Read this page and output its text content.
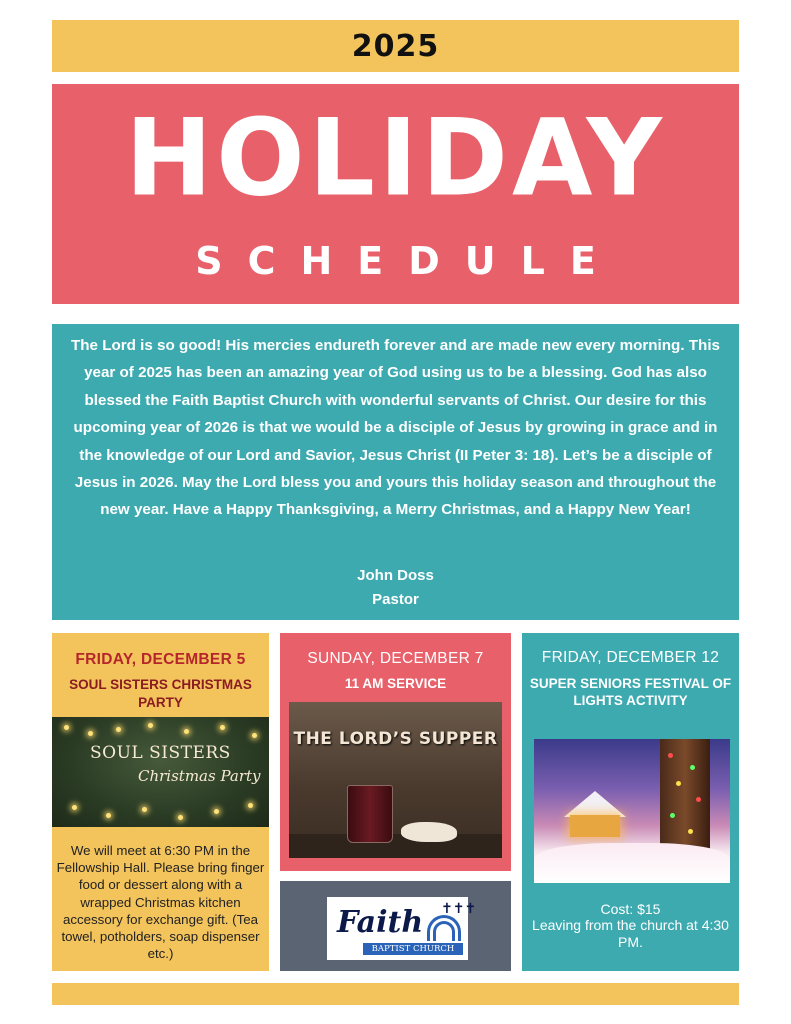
2025
HOLIDAY
SCHEDULE
The Lord is so good! His mercies endureth forever and are made new every morning. This year of 2025 has been an amazing year of God using us to be a blessing. God has also blessed the Faith Baptist Church with wonderful servants of Christ. Our desire for this upcoming year of 2026 is that we would be a disciple of Jesus by growing in grace and in the knowledge of our Lord and Savior, Jesus Christ (II Peter 3: 18). Let’s be a disciple of Jesus in 2026. May the Lord bless you and yours this holiday season and throughout the new year. Have a Happy Thanksgiving, a Merry Christmas, and a Happy New Year!
John Doss
Pastor
FRIDAY, DECEMBER 5
SOUL SISTERS CHRISTMAS PARTY
SOUL SISTERS
Christmas Party
We will meet at 6:30 PM in the Fellowship Hall. Please bring finger food or dessert along with a wrapped Christmas kitchen accessory for exchange gift. (Tea towel, potholders, soap dispenser etc.)
SUNDAY, DECEMBER 7
11 AM SERVICE
THE LORD’S SUPPER
Faith ✝✝✝
BAPTIST CHURCH
FRIDAY, DECEMBER 12
SUPER SENIORS FESTIVAL OF LIGHTS ACTIVITY
Cost: $15
Leaving from the church at 4:30 PM.
